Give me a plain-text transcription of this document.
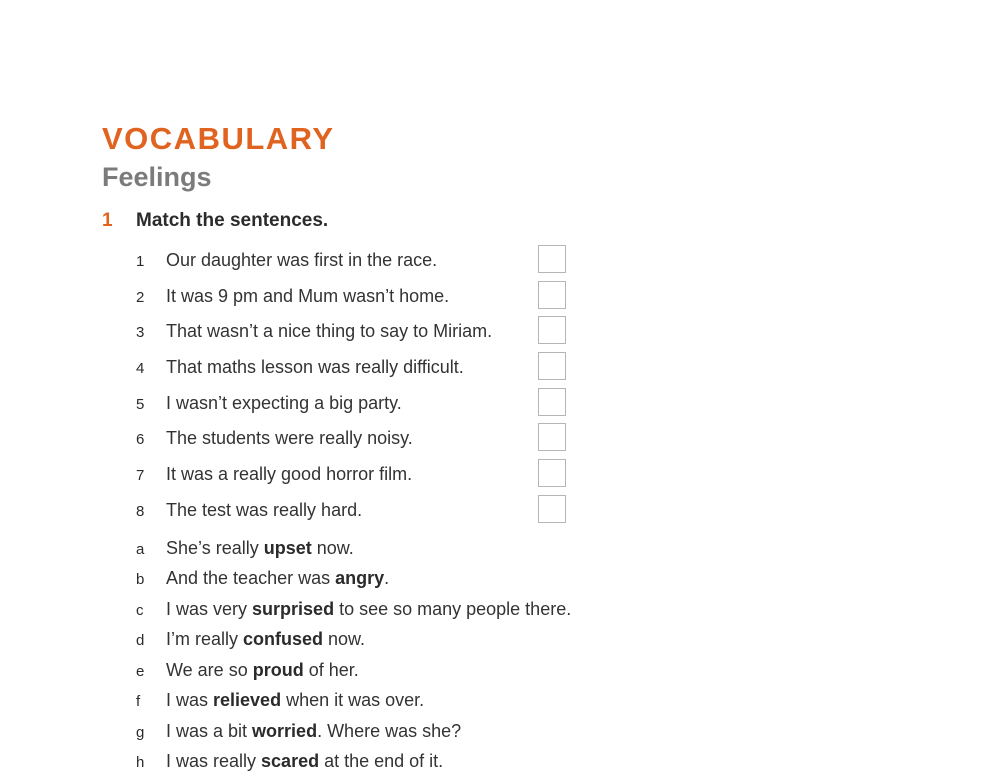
VOCABULARY
Feelings
1 Match the sentences.
1 Our daughter was first in the race.
2 It was 9 pm and Mum wasn’t home.
3 That wasn’t a nice thing to say to Miriam.
4 That maths lesson was really difficult.
5 I wasn’t expecting a big party.
6 The students were really noisy.
7 It was a really good horror film.
8 The test was really hard.
a She’s really upset now.
b And the teacher was angry.
c I was very surprised to see so many people there.
d I’m really confused now.
e We are so proud of her.
f I was relieved when it was over.
g I was a bit worried. Where was she?
h I was really scared at the end of it.
